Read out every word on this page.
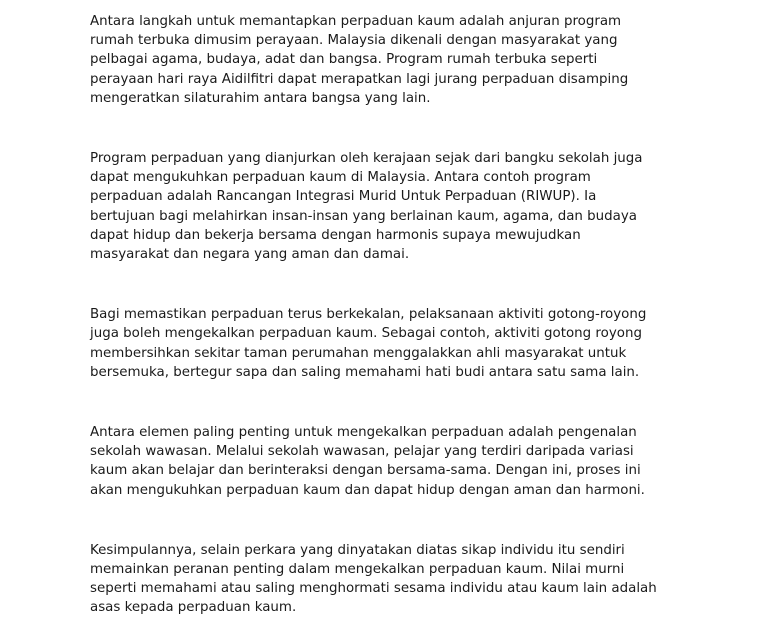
Antara langkah untuk memantapkan perpaduan kaum adalah anjuran program
rumah terbuka dimusim perayaan. Malaysia dikenali dengan masyarakat yang
pelbagai agama, budaya, adat dan bangsa. Program rumah terbuka seperti
perayaan hari raya Aidilfitri dapat merapatkan lagi jurang perpaduan disamping
mengeratkan silaturahim antara bangsa yang lain.

Program perpaduan yang dianjurkan oleh kerajaan sejak dari bangku sekolah juga
dapat mengukuhkan perpaduan kaum di Malaysia. Antara contoh program
perpaduan adalah Rancangan Integrasi Murid Untuk Perpaduan (RIWUP). Ia
bertujuan bagi melahirkan insan-insan yang berlainan kaum, agama, dan budaya
dapat hidup dan bekerja bersama dengan harmonis supaya mewujudkan
masyarakat dan negara yang aman dan damai.

Bagi memastikan perpaduan terus berkekalan, pelaksanaan aktiviti gotong-royong
juga boleh mengekalkan perpaduan kaum. Sebagai contoh, aktiviti gotong royong
membersihkan sekitar taman perumahan menggalakkan ahli masyarakat untuk
bersemuka, bertegur sapa dan saling memahami hati budi antara satu sama lain.

Antara elemen paling penting untuk mengekalkan perpaduan adalah pengenalan
sekolah wawasan. Melalui sekolah wawasan, pelajar yang terdiri daripada variasi
kaum akan belajar dan berinteraksi dengan bersama-sama. Dengan ini, proses ini
akan mengukuhkan perpaduan kaum dan dapat hidup dengan aman dan harmoni.

Kesimpulannya, selain perkara yang dinyatakan diatas sikap individu itu sendiri
memainkan peranan penting dalam mengekalkan perpaduan kaum. Nilai murni
seperti memahami atau saling menghormati sesama individu atau kaum lain adalah
asas kepada perpaduan kaum.
